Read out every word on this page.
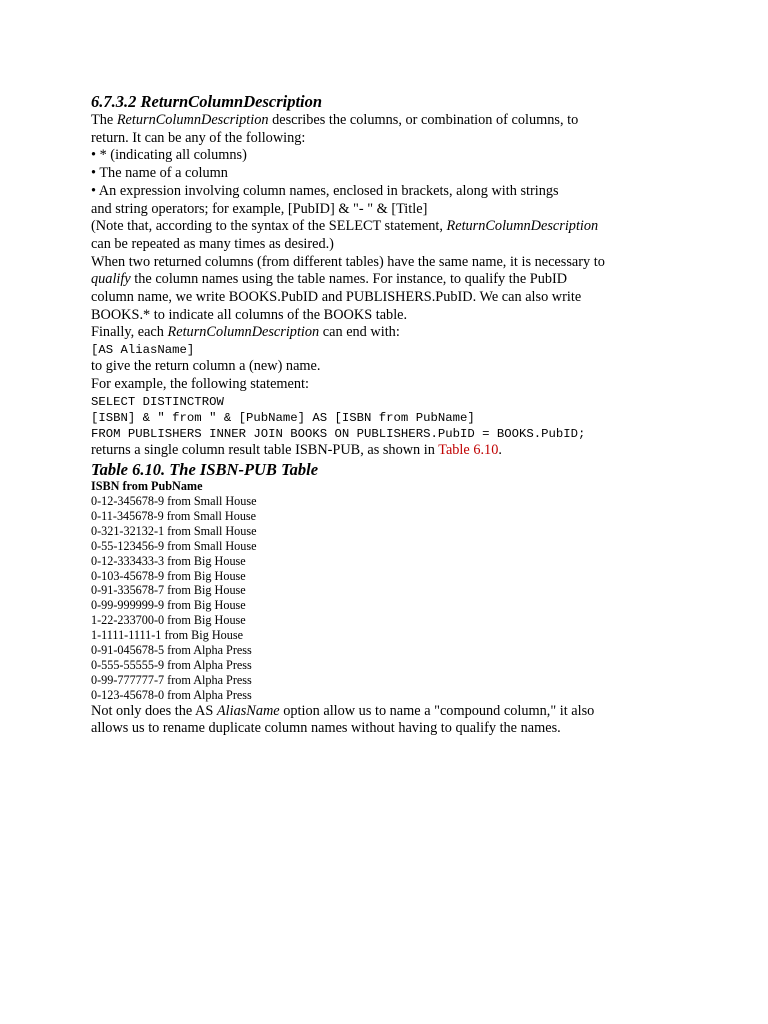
6.7.3.2 ReturnColumnDescription
The ReturnColumnDescription describes the columns, or combination of columns, to
return. It can be any of the following:
• * (indicating all columns)
• The name of a column
• An expression involving column names, enclosed in brackets, along with strings
and string operators; for example, [PubID] & "- " & [Title]
(Note that, according to the syntax of the SELECT statement, ReturnColumnDescription
can be repeated as many times as desired.)
When two returned columns (from different tables) have the same name, it is necessary to
qualify the column names using the table names. For instance, to qualify the PubID
column name, we write BOOKS.PubID and PUBLISHERS.PubID. We can also write
BOOKS.* to indicate all columns of the BOOKS table.
Finally, each ReturnColumnDescription can end with:
[AS AliasName]
to give the return column a (new) name.
For example, the following statement:
SELECT DISTINCTROW
[ISBN] & " from " & [PubName] AS [ISBN from PubName]
FROM PUBLISHERS INNER JOIN BOOKS ON PUBLISHERS.PubID = BOOKS.PubID;
returns a single column result table ISBN-PUB, as shown in Table 6.10.
Table 6.10. The ISBN-PUB Table
ISBN from PubName
0-12-345678-9 from Small House
0-11-345678-9 from Small House
0-321-32132-1 from Small House
0-55-123456-9 from Small House
0-12-333433-3 from Big House
0-103-45678-9 from Big House
0-91-335678-7 from Big House
0-99-999999-9 from Big House
1-22-233700-0 from Big House
1-1111-1111-1 from Big House
0-91-045678-5 from Alpha Press
0-555-55555-9 from Alpha Press
0-99-777777-7 from Alpha Press
0-123-45678-0 from Alpha Press
Not only does the AS AliasName option allow us to name a "compound column," it also
allows us to rename duplicate column names without having to qualify the names.
